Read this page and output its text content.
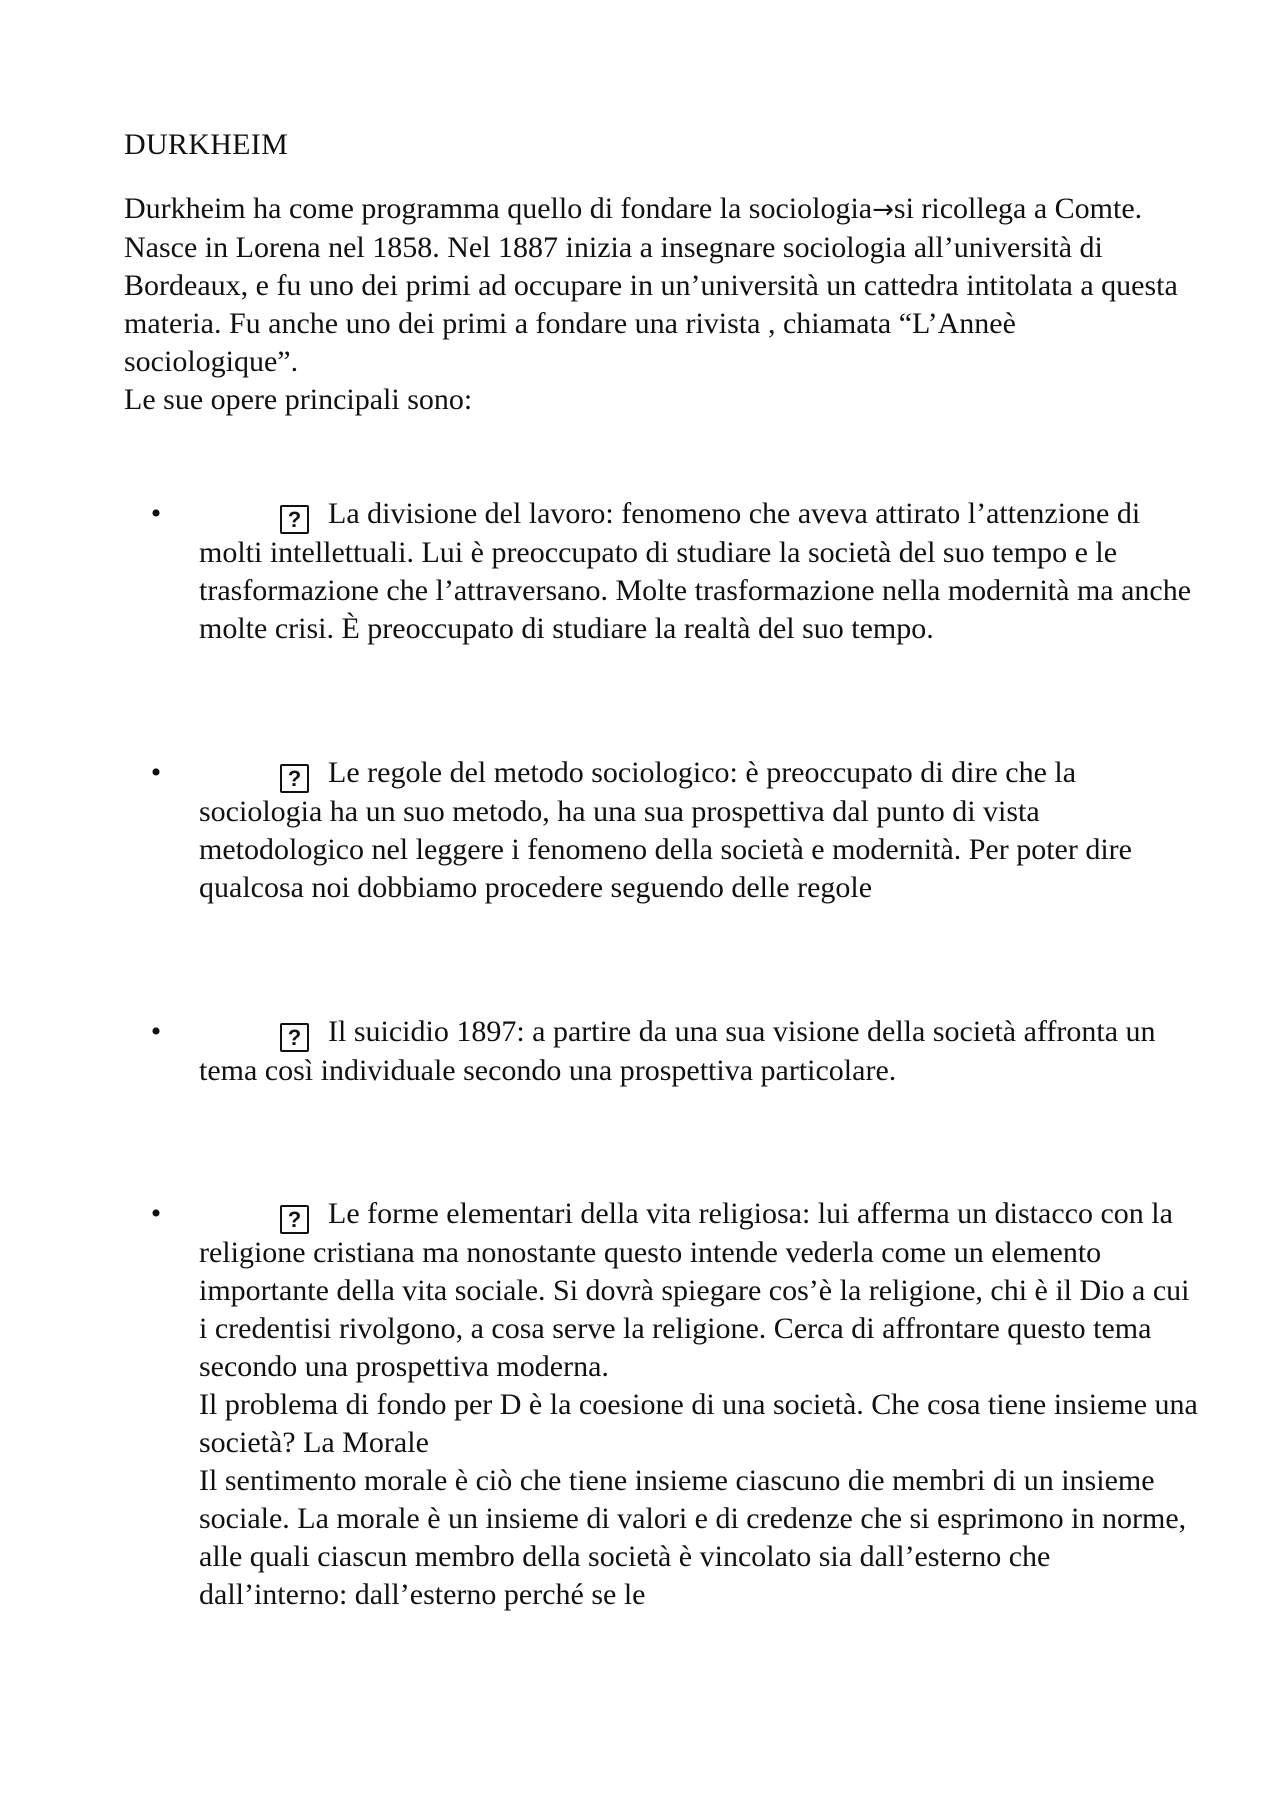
DURKHEIM

Durkheim ha come programma quello di fondare la sociologia→si ricollega a Comte.

Nasce in Lorena nel 1858. Nel 1887 inizia a insegnare sociologia all’università di Bordeaux, e fu uno dei primi ad occupare in un’università un cattedra intitolata a questa materia. Fu anche uno dei primi a fondare una rivista , chiamata “L’Anneè sociologique”.

Le sue opere principali sono:

•	? La divisione del lavoro: fenomeno che aveva attirato l’attenzione di molti intellettuali. Lui è preoccupato di studiare la società del suo tempo e le trasformazione che l’attraversano. Molte trasformazione nella modernità ma anche molte crisi. È preoccupato di studiare la realtà del suo tempo.

•	? Le regole del metodo sociologico: è preoccupato di dire che la sociologia ha un suo metodo, ha una sua prospettiva dal punto di vista metodologico nel leggere i fenomeno della società e modernità. Per poter dire qualcosa noi dobbiamo procedere seguendo delle regole

•	? Il suicidio 1897: a partire da una sua visione della società affronta un tema così individuale secondo una prospettiva particolare.

•	? Le forme elementari della vita religiosa: lui afferma un distacco con la religione cristiana ma nonostante questo intende vederla come un elemento importante della vita sociale. Si dovrà spiegare cos’è la religione, chi è il Dio a cui i credentisi rivolgono, a cosa serve la religione. Cerca di affrontare questo tema secondo una prospettiva moderna.

Il problema di fondo per D è la coesione di una società. Che cosa tiene insieme una società? La Morale

Il sentimento morale è ciò che tiene insieme ciascuno die membri di un insieme sociale. La morale è un insieme di valori e di credenze che si esprimono in norme, alle quali ciascun membro della società è vincolato sia dall’esterno che dall’interno: dall’esterno perché se le
